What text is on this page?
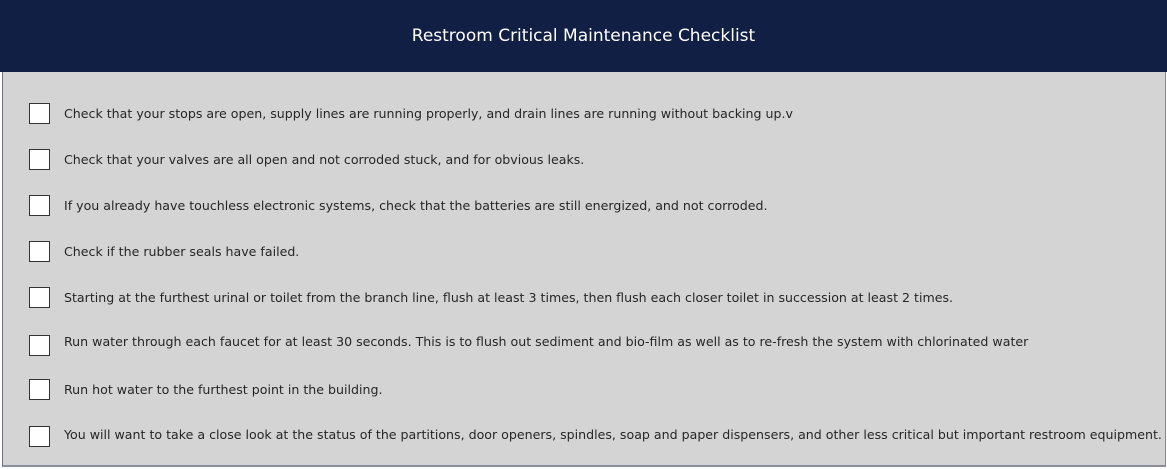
Restroom Critical Maintenance Checklist
Check that your stops are open, supply lines are running properly, and drain lines are running without backing up.v
Check that your valves are all open and not corroded stuck, and for obvious leaks.
If you already have touchless electronic systems, check that the batteries are still energized, and not corroded.
Check if the rubber seals have failed.
Starting at the furthest urinal or toilet from the branch line, flush at least 3 times, then flush each closer toilet in succession at least 2 times.
Run water through each faucet for at least 30 seconds. This is to flush out sediment and bio-film as well as to re-fresh the system with chlorinated water
Run hot water to the furthest point in the building.
You will want to take a close look at the status of the partitions, door openers, spindles, soap and paper dispensers, and other less critical but important restroom equipment.
